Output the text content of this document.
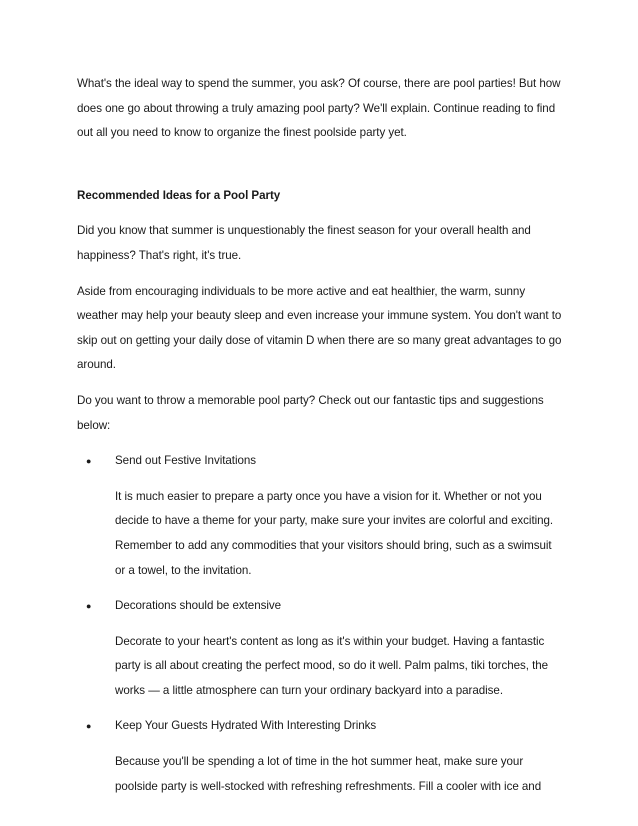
What's the ideal way to spend the summer, you ask? Of course, there are pool parties! But how does one go about throwing a truly amazing pool party? We'll explain. Continue reading to find out all you need to know to organize the finest poolside party yet.

Recommended Ideas for a Pool Party

Did you know that summer is unquestionably the finest season for your overall health and happiness? That's right, it's true.

Aside from encouraging individuals to be more active and eat healthier, the warm, sunny weather may help your beauty sleep and even increase your immune system. You don't want to skip out on getting your daily dose of vitamin D when there are so many great advantages to go around.

Do you want to throw a memorable pool party? Check out our fantastic tips and suggestions below:

● Send out Festive Invitations

It is much easier to prepare a party once you have a vision for it. Whether or not you decide to have a theme for your party, make sure your invites are colorful and exciting. Remember to add any commodities that your visitors should bring, such as a swimsuit or a towel, to the invitation.

● Decorations should be extensive

Decorate to your heart's content as long as it's within your budget. Having a fantastic party is all about creating the perfect mood, so do it well. Palm palms, tiki torches, the works — a little atmosphere can turn your ordinary backyard into a paradise.

● Keep Your Guests Hydrated With Interesting Drinks

Because you'll be spending a lot of time in the hot summer heat, make sure your poolside party is well-stocked with refreshing refreshments. Fill a cooler with ice and
